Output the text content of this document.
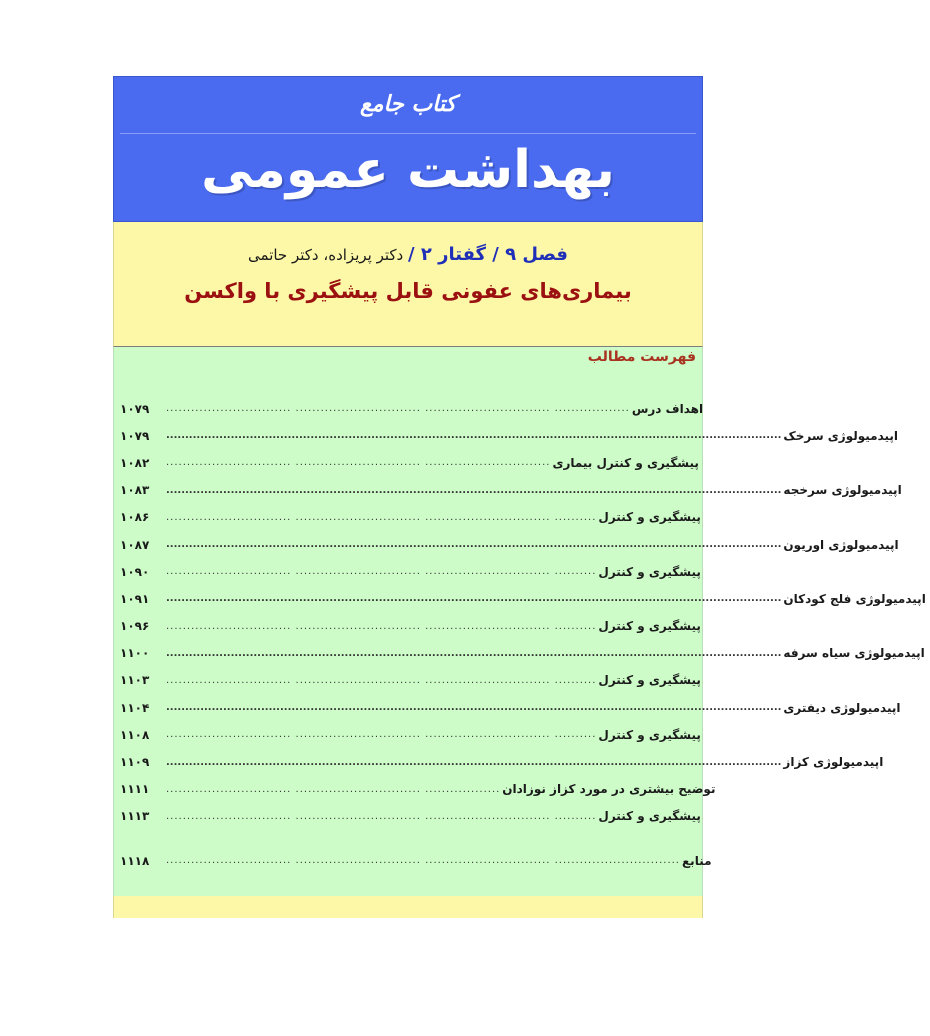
کتاب جامع
بهداشت عمومی
فصل ۹ / گفتار ۲ / دکتر پریزاده، دکتر حاتمی
بیماری‌های عفونی قابل پیشگیری با واکسن
فهرست مطالب
۱۰۷۹	.................. .............................. .............................. .............................. اهداف درس
۱۰۷۹	.................................................................................................................................................................. اپیدمیولوژی سرخک
۱۰۸۲	.............................. .............................. .............................. پیشگیری و کنترل بیماری
۱۰۸۳	.................................................................................................................................................................. اپیدمیولوژی سرخجه
۱۰۸۶	.......... .............................. .............................. .............................. پیشگیری و کنترل
۱۰۸۷	.................................................................................................................................................................. اپیدمیولوژی اوریون
۱۰۹۰	.......... .............................. .............................. .............................. پیشگیری و کنترل
۱۰۹۱	.................................................................................................................................................................. اپیدمیولوژی فلج کودکان
۱۰۹۶	.......... .............................. .............................. .............................. پیشگیری و کنترل
۱۱۰۰	.................................................................................................................................................................. اپیدمیولوژی سیاه سرفه
۱۱۰۳	.......... .............................. .............................. .............................. پیشگیری و کنترل
۱۱۰۴	.................................................................................................................................................................. اپیدمیولوژی دیفتری
۱۱۰۸	.......... .............................. .............................. .............................. پیشگیری و کنترل
۱۱۰۹	.................................................................................................................................................................. اپیدمیولوژی کزاز
۱۱۱۱	.................. .............................. .............................. توضیح بیشتری در مورد کزاز نوزادان
۱۱۱۳	.......... .............................. .............................. .............................. پیشگیری و کنترل
۱۱۱۸	.............................. .............................. .............................. .............................. منابع
